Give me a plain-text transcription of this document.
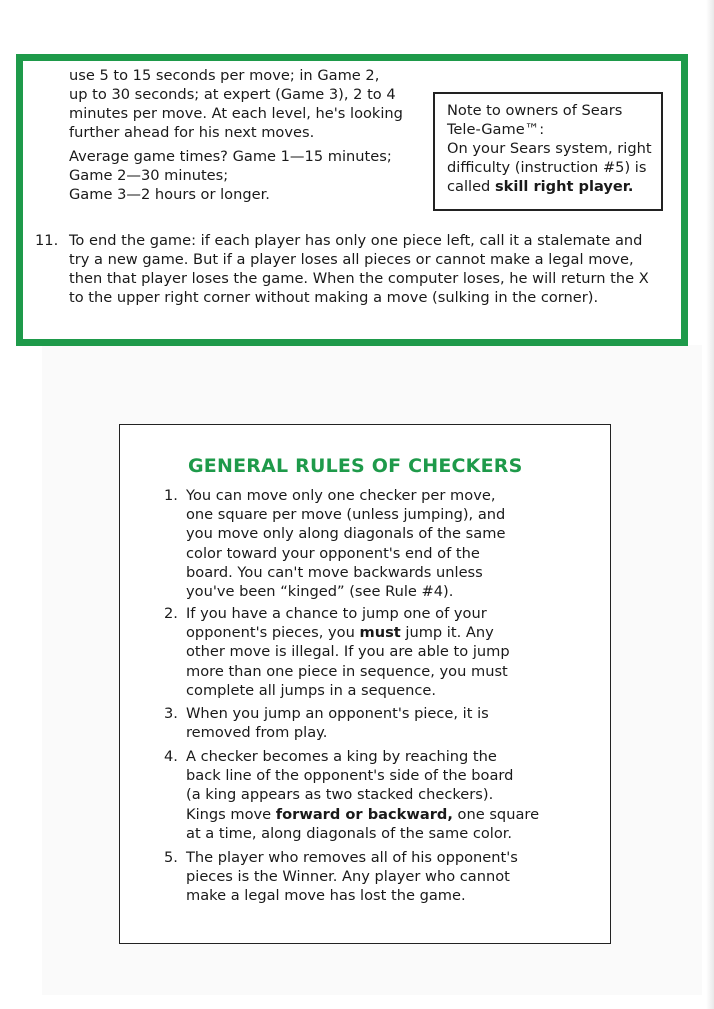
use 5 to 15 seconds per move; in Game 2,

up to 30 seconds; at expert (Game 3), 2 to 4

minutes per move. At each level, he's looking

further ahead for his next moves.

Average game times? Game 1—15 minutes;

Game 2—30 minutes;

Game 3—2 hours or longer.

Note to owners of Sears

Tele-Game™:

On your Sears system, right

difficulty (instruction #5) is

called skill right player.

11. To end the game: if each player has only one piece left, call it a stalemate and

try a new game. But if a player loses all pieces or cannot make a legal move,

then that player loses the game. When the computer loses, he will return the X

to the upper right corner without making a move (sulking in the corner).

GENERAL RULES OF CHECKERS
1. You can move only one checker per move,

one square per move (unless jumping), and

you move only along diagonals of the same

color toward your opponent's end of the

board. You can't move backwards unless

you've been “kinged” (see Rule #4).

2. If you have a chance to jump one of your

opponent's pieces, you must jump it. Any

other move is illegal. If you are able to jump

more than one piece in sequence, you must

complete all jumps in a sequence.

3. When you jump an opponent's piece, it is

removed from play.

4. A checker becomes a king by reaching the

back line of the opponent's side of the board

(a king appears as two stacked checkers).

Kings move forward or backward, one square

at a time, along diagonals of the same color.

5. The player who removes all of his opponent's

pieces is the Winner. Any player who cannot

make a legal move has lost the game.
